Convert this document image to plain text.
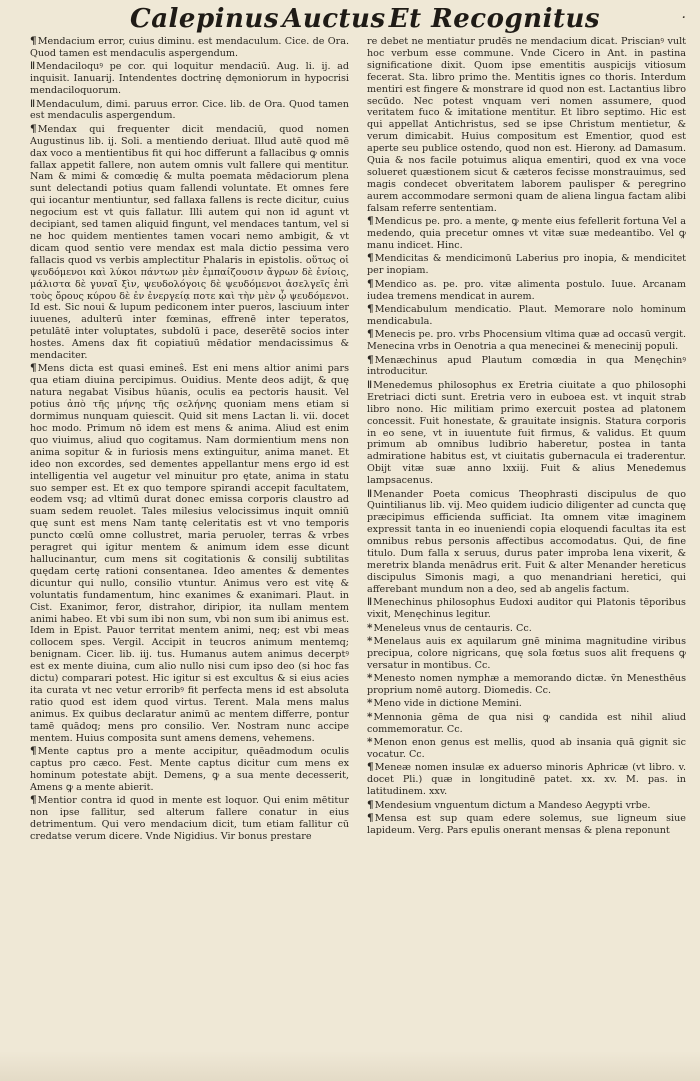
Calepinus Auctus Et Recognitus	.

¶Mendacium error, cuius diminu. est mendaculum. Cice. de Ora. Quod tamen est mendaculis aspergendum.

ǁMendaciloquꝰ pe cor. qui loquitur mendaciū. Aug. li. ij. ad inquisit. Ianuarij. Intendentes doctrinę dęmoniorum in hypocrisi mendaciloquorum.

ǁMendaculum, dimi. paruus error. Cice. lib. de Ora. Quod tamen est mendaculis aspergendum.

¶Mendax qui frequenter dicit mendaciū, quod nomen Augustinus lib. ij. Soli. a mentiendo deriuat. Illud autē quod mē dax voco a mentientibus fit qui hoc differunt a fallacibus ꝙ omnis fallax appetit fallere, non autem omnis vult fallere qui mentitur. Nam & mimi & comœdię & multa poemata mēdaciorum plena sunt delectandi potius quam fallendi voluntate. Et omnes fere qui iocantur mentiuntur, sed fallaxa fallens is recte dicitur, cuius negocium est vt quis fallatur. Illi autem qui non id agunt vt decipiant, sed tamen aliquid fingunt, vel mendaces tantum, vel si ne hoc quidem mentientes tamen vocari nemo ambigit, & vt dicam quod sentio vere mendax est mala dictio pessima vero fallacis quod vs verbis amplectitur Phalaris in epistolis. οὕτως οἱ ψευδόμενοι καὶ λύκοι πάντων μὲν ἐμπαίζουσιν ἄγρων δὲ ἐνίοις, μάλιστα δὲ γυναῖ ξὶν, ψευδολόγοις δὲ ψευδόμενοι ἀσελγεῖς ἐπὶ τοὺς ὄρους κύρου δὲ ἐν ἐνεργείᾳ ποτε καὶ τὴν μὲν ᾧ ψευδόμενοι. Id est. Sic noui & lupum pediconem inter pueros, lasciuum inter iuuenes, adulterū inter fœminas, effrenē inter teperatos, petulātē inter voluptates, subdolū i pace, deserētē socios inter hostes. Amens dax fit copiatiuū mēdatior mendacissimus & mendaciter.

¶Mens dicta est quasi emineŝ. Est eni mens altior animi pars qua etiam diuina percipimus. Ouidius. Mente deos adijt, & quę natura negabat Visibus hūanis, oculis ea pectoris hausit. Vel potius ἀπὸ τῆς μήνης τῆς σελήνης quoniam mens etiam si dormimus nunquam quiescit. Quid sit mens Lactan li. vii. docet hoc modo. Primum nō idem est mens & anima. Aliud est enim quo viuimus, aliud quo cogitamus. Nam dormientium mens non anima sopitur & in furiosis mens extinguitur, anima manet. Et ideo non excordes, sed dementes appellantur mens ergo id est intelligentia vel augetur vel minuitur pro ętate, anima in statu suo semper est. Et ex quo tempore spirandi accepit facultatem, eodem vsq; ad vltimū durat donec emissa corporis claustro ad suam sedem reuolet. Tales milesius velocissimus inquit omniū quę sunt est mens Nam tantę celeritatis est vt vno temporis puncto cœlū omne collustret, maria peruoler, terras & vrbes peragret qui igitur mentem & animum idem esse dicunt hallucinantur, cum mens sit cogitationis & consilij subtilitas quędam certę rationi consentanea. Ideo amentes & dementes dicuntur qui nullo, consilio vtuntur. Animus vero est vitę & voluntatis fundamentum, hinc exanimes & exanimari. Plaut. in Cist. Exanimor, feror, distrahor, diripior, ita nullam mentem animi habeo. Et vbi sum ibi non sum, vbi non sum ibi animus est. Idem in Epist. Pauor territat mentem animi, neq; est vbi meas collocem spes. Vergil. Accipit in teucros animum mentemq; benignam. Cicer. lib. iij. tus. Humanus autem animus decerptꝰ est ex mente diuina, cum alio nullo nisi cum ipso deo (si hoc fas dictu) comparari potest. Hic igitur si est excultus & si eius acies ita curata vt nec vetur erroribꝰ fit perfecta mens id est absoluta ratio quod est idem quod virtus. Terent. Mala mens malus animus. Ex quibus declaratur animū ac mentem differre, pontur tamē quādoq; mens pro consilio. Ver. Nostram nunc accipe mentem. Huius composita sunt amens demens, vehemens.

¶Mente captus pro a mente accipitur, quēadmodum oculis captus pro cæco. Fest. Mente captus dicitur cum mens ex hominum potestate abijt. Demens, ꝙ a sua mente decesserit, Amens ꝙ a mente abierit.

¶Mentior contra id quod in mente est loquor. Qui enim mētitur non ipse fallitur, sed alterum fallere conatur in eius detrimentum. Qui vero mendacium dicit, tum etiam fallitur cū credatse verum dicere. Vnde Nigidius. Vir bonus prestare

re debet ne mentiatur prudēs ne mendacium dicat. Priscianꝰ vult hoc verbum esse commune. Vnde Cicero in Ant. in pastina significatione dixit. Quom ipse ementitis auspicijs vitiosum fecerat. Sta. libro primo the. Mentitis ignes co thoris. Interdum mentiri est fingere & monstrare id quod non est. Lactantius libro secūdo. Nec potest vnquam veri nomen assumere, quod veritatem fuco & imitatione mentitur. Et libro septimo. Hic est qui appellat Antichristus, sed se ipse Christum mentietur, & verum dimicabit. Huius compositum est Ementior, quod est aperte seu publice ostendo, quod non est. Hierony. ad Damasum. Quia & nos facile potuimus aliqua ementiri, quod ex vna voce solueret quæstionem sicut & cæteros fecisse monstrauimus, sed magis condecet obveritatem laborem paulisper & peregrino aurem accommodare sermoni quam de aliena lingua factam alibi falsam referre sententiam.

¶Mendicus pe. pro. a mente, ꝙ mente eius fefellerit fortuna Vel a medendo, quia precetur omnes vt vitæ suæ medeantibo. Vel ꝙ manu indicet. Hinc.

¶Mendicitas & mendicimonū Laberius pro inopia, & mendicitet per inopiam.

¶Mendico as. pe. pro. vitæ alimenta postulo. Iuue. Arcanam iudea tremens mendicat in aurem.

¶Mendicabulum mendicatio. Plaut. Memorare nolo hominum mendicabula.

¶Menecis pe. pro. vrbs Phocensium vltima quæ ad occasū vergit. Menecina vrbs in Oenotria a qua menecinei & menecinij populi.

¶Menæchinus apud Plautum comœdia in qua Menęchinꝰ introducitur.

ǁMenedemus philosophus ex Eretria ciuitate a quo philosophi Eretriaci dicti sunt. Eretria vero in euboea est. vt inquit strab libro nono. Hic militiam primo exercuit postea ad platonem concessit. Fuit honestate, & grauitate insignis. Statura corporis in eo sene, vt in iuuentute fuit firmus, & validus. Et quum primum ab omnibus ludibrio haberetur, postea in tanta admiratione habitus est, vt ciuitatis gubernacula ei traderentur. Obijt vitæ suæ anno lxxiij. Fuit & alius Menedemus lampsacenus.

ǁMenander Poeta comicus Theophrasti discipulus de quo Quintilianus lib. vij. Meo quidem iudicio diligenter ad cuncta quę præcipimus efficienda sufficiat. Ita omnem vitæ imaginem expressit tanta in eo inueniendi copia eloquendi facultas ita est omnibus rebus personis affectibus accomodatus. Qui, de fine titulo. Dum falla x seruus, durus pater improba lena vixerit, & meretrix blanda menādrus erit. Fuit & alter Menander hereticus discipulus Simonis magi, a quo menandriani heretici, qui afferebant mundum non a deo, sed ab angelis factum.

ǁMenechinus philosophus Eudoxi auditor qui Platonis tēporibus vixit, Menęchinus legitur.

*Meneleus vnus de centauris. Cc.

*Menelaus auis ex aquilarum gnē minima magnitudine viribus precipua, colore nigricans, quę sola fœtus suos alit frequens ꝙ versatur in montibus. Cc.

*Menesto nomen nymphæ a memorando dictæ. v̄n Menesthēus proprium nomē autorg. Diomedis. Cc.

*Meno vide in dictione Memini.

*Mennonia gēma de qua nisi ꝙ candida est nihil aliud commemoratur. Cc.

*Menon enon genus est mellis, quod ab insania quā gignit sic vocatur. Cc.

¶Meneæ nomen insulæ ex aduerso minoris Aphricæ (vt libro. v. docet Pli.) quæ in longitudinē patet. xx. xv. M. pas. in latitudinem. xxv.

¶Mendesium vnguentum dictum a Mandeso Aegypti vrbe.

¶Mensa est sup quam edere solemus, sue ligneum siue lapideum. Verg. Pars epulis onerant mensas & plena reponunt
